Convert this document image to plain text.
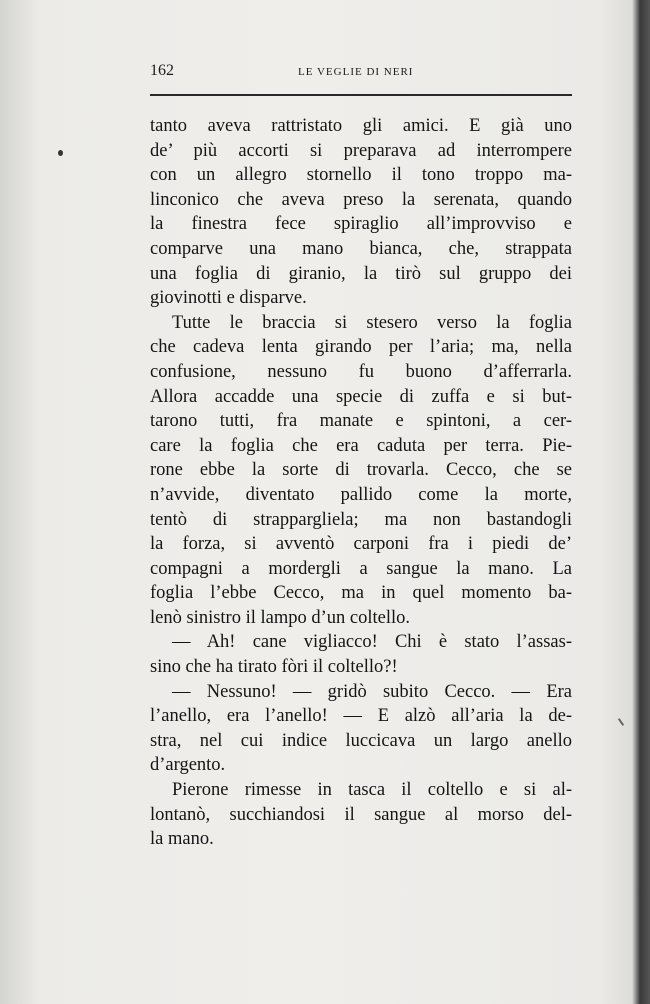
162	LE VEGLIE DI NERI
tanto aveva rattristato gli amici. E già uno
de’ più accorti si preparava ad interrompere
con un allegro stornello il tono troppo ma-
linconico che aveva preso la serenata, quando
la finestra fece spiraglio all’improvviso e
comparve una mano bianca, che, strappata
una foglia di giranio, la tirò sul gruppo dei
giovinotti e disparve.
Tutte le braccia si stesero verso la foglia
che cadeva lenta girando per l’aria; ma, nella
confusione, nessuno fu buono d’afferrarla.
Allora accadde una specie di zuffa e si but-
tarono tutti, fra manate e spintoni, a cer-
care la foglia che era caduta per terra. Pie-
rone ebbe la sorte di trovarla. Cecco, che se
n’avvide, diventato pallido come la morte,
tentò di strappargliela; ma non bastandogli
la forza, si avventò carponi fra i piedi de’
compagni a mordergli a sangue la mano. La
foglia l’ebbe Cecco, ma in quel momento ba-
lenò sinistro il lampo d’un coltello.
— Ah! cane vigliacco! Chi è stato l’assas-
sino che ha tirato fòri il coltello?!
— Nessuno! — gridò subito Cecco. — Era
l’anello, era l’anello! — E alzò all’aria la de-
stra, nel cui indice luccicava un largo anello
d’argento.
Pierone rimesse in tasca il coltello e si al-
lontanò, succhiandosi il sangue al morso del-
la mano.
